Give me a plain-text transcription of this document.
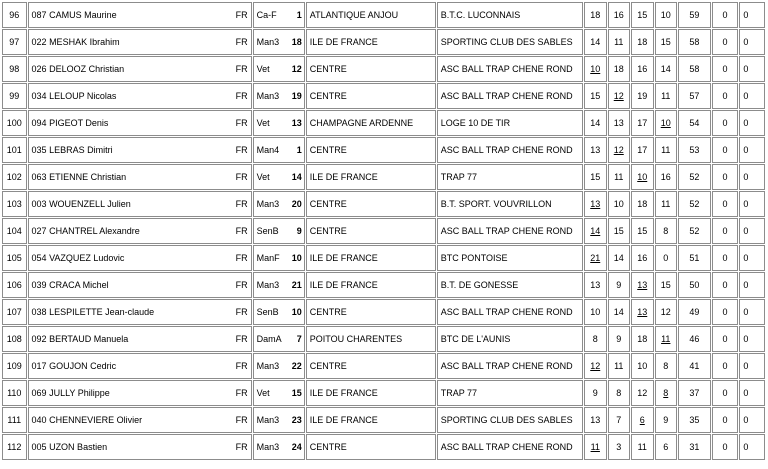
96	087 CAMUS Maurine FR	Ca-F 1	ATLANTIQUE ANJOU	B.T.C. LUCONNAIS	18	16	15	10	59	0	0
97	022 MESHAK Ibrahim FR	Man3 18	ILE DE FRANCE	SPORTING CLUB DES SABLES	14	11	18	15	58	0	0
98	026 DELOOZ Christian FR	Vet 12	CENTRE	ASC BALL TRAP CHENE ROND	10	18	16	14	58	0	0
99	034 LELOUP Nicolas FR	Man3 19	CENTRE	ASC BALL TRAP CHENE ROND	15	12	19	11	57	0	0
100	094 PIGEOT Denis FR	Vet 13	CHAMPAGNE ARDENNE	LOGE 10 DE TIR	14	13	17	10	54	0	0
101	035 LEBRAS Dimitri FR	Man4 1	CENTRE	ASC BALL TRAP CHENE ROND	13	12	17	11	53	0	0
102	063 ETIENNE Christian FR	Vet 14	ILE DE FRANCE	TRAP 77	15	11	10	16	52	0	0
103	003 WOUENZELL Julien FR	Man3 20	CENTRE	B.T. SPORT. VOUVRILLON	13	10	18	11	52	0	0
104	027 CHANTREL Alexandre FR	SenB 9	CENTRE	ASC BALL TRAP CHENE ROND	14	15	15	8	52	0	0
105	054 VAZQUEZ Ludovic FR	ManF 10	ILE DE FRANCE	BTC PONTOISE	21	14	16	0	51	0	0
106	039 CRACA Michel FR	Man3 21	ILE DE FRANCE	B.T. DE GONESSE	13	9	13	15	50	0	0
107	038 LESPILETTE Jean-claude FR	SenB 10	CENTRE	ASC BALL TRAP CHENE ROND	10	14	13	12	49	0	0
108	092 BERTAUD Manuela FR	DamA 7	POITOU CHARENTES	BTC DE L'AUNIS	8	9	18	11	46	0	0
109	017 GOUJON Cedric FR	Man3 22	CENTRE	ASC BALL TRAP CHENE ROND	12	11	10	8	41	0	0
110	069 JULLY Philippe FR	Vet 15	ILE DE FRANCE	TRAP 77	9	8	12	8	37	0	0
111	040 CHENNEVIERE Olivier FR	Man3 23	ILE DE FRANCE	SPORTING CLUB DES SABLES	13	7	6	9	35	0	0
112	005 UZON Bastien FR	Man3 24	CENTRE	ASC BALL TRAP CHENE ROND	11	3	11	6	31	0	0
